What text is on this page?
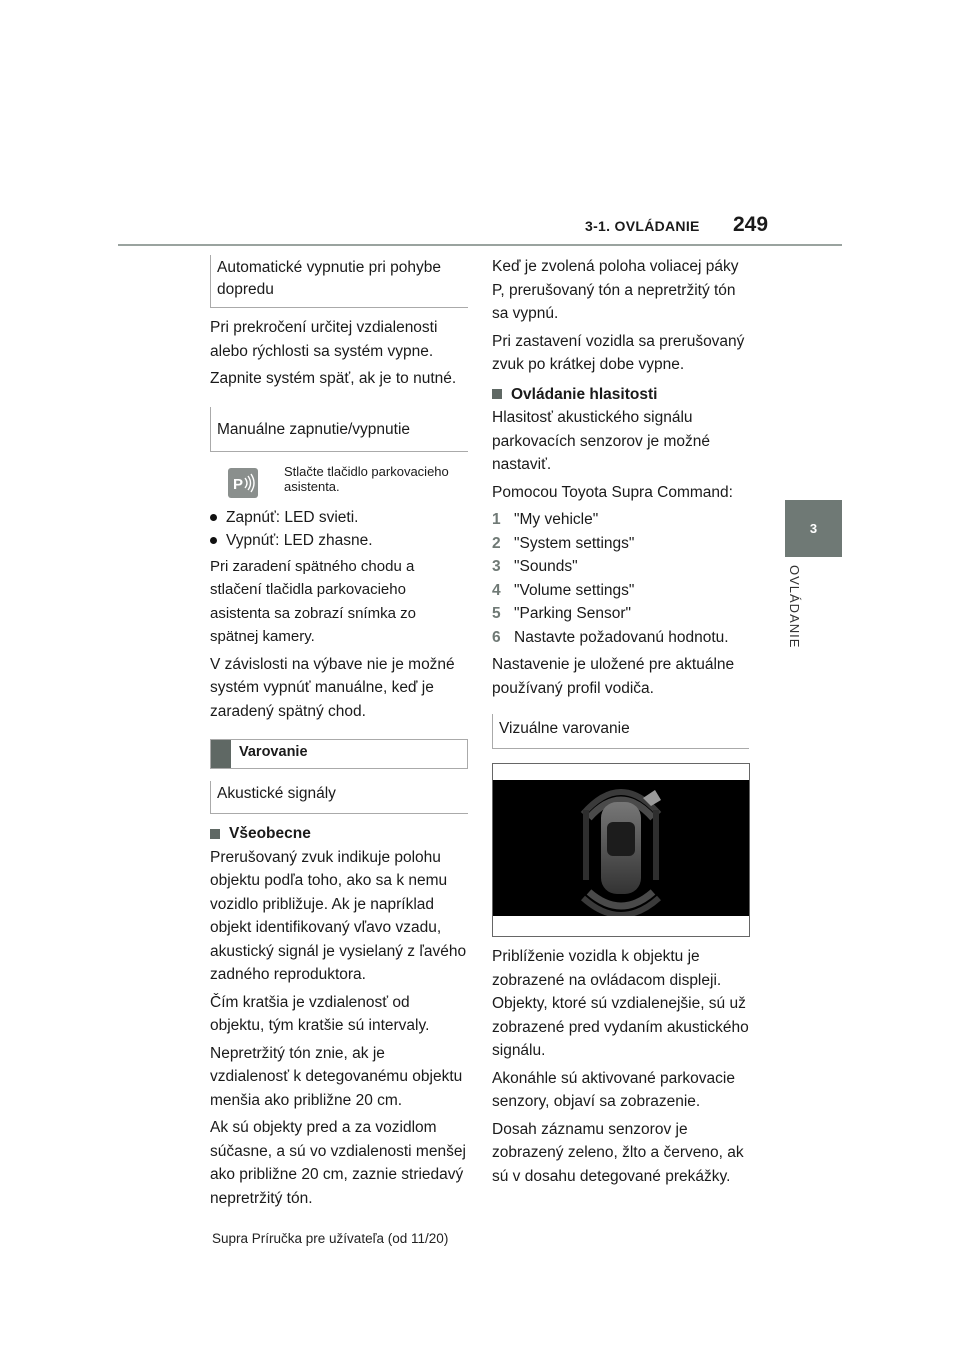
3-1. OVLÁDANIE 249
3
OVLÁDANIE
Automatické vypnutie pri pohybe dopredu

Pri prekročení určitej vzdialenosti alebo rýchlosti sa systém vypne.

Zapnite systém späť, ak je to nutné.

Manuálne zapnutie/vypnutie
P
Stlačte tlačidlo parkovacieho asistenta.
Zapnúť: LED svieti.
Vypnúť: LED zhasne.

Pri zaradení spätného chodu a stlačení tlačidla parkovacieho asistenta sa zobrazí snímka zo spätnej kamery.

V závislosti na výbave nie je možné systém vypnúť manuálne, keď je zaradený spätný chod.

Varovanie
Akustické signály
Všeobecne

Prerušovaný zvuk indikuje polohu objektu podľa toho, ako sa k nemu vozidlo približuje. Ak je napríklad objekt identifikovaný vľavo vzadu, akustický signál je vysielaný z ľavého zadného reproduktora.

Čím kratšia je vzdialenosť od objektu, tým kratšie sú intervaly.

Nepretržitý tón znie, ak je vzdialenosť k detegovanému objektu menšia ako približne 20 cm.

Ak sú objekty pred a za vozidlom súčasne, a sú vo vzdialenosti menšej ako približne 20 cm, zaznie striedavý nepretržitý tón.

Keď je zvolená poloha voliacej páky P, prerušovaný tón a nepretržitý tón sa vypnú.

Pri zastavení vozidla sa prerušovaný zvuk po krátkej dobe vypne.

Ovládanie hlasitosti

Hlasitosť akustického signálu parkovacích senzorov je možné nastaviť.

Pomocou Toyota Supra Command:

1 "My vehicle"
2 "System settings"
3 "Sounds"
4 "Volume settings"
5 "Parking Sensor"
6 Nastavte požadovanú hodnotu.

Nastavenie je uložené pre aktuálne používaný profil vodiča.

Vizuálne varovanie

Priblíženie vozidla k objektu je zobrazené na ovládacom displeji. Objekty, ktoré sú vzdialenejšie, sú už zobrazené pred vydaním akustického signálu.

Akonáhle sú aktivované parkovacie senzory, objaví sa zobrazenie.

Dosah záznamu senzorov je zobrazený zeleno, žlto a červeno, ak sú v dosahu detegované prekážky.

Supra Príručka pre užívateľa (od 11/20)
